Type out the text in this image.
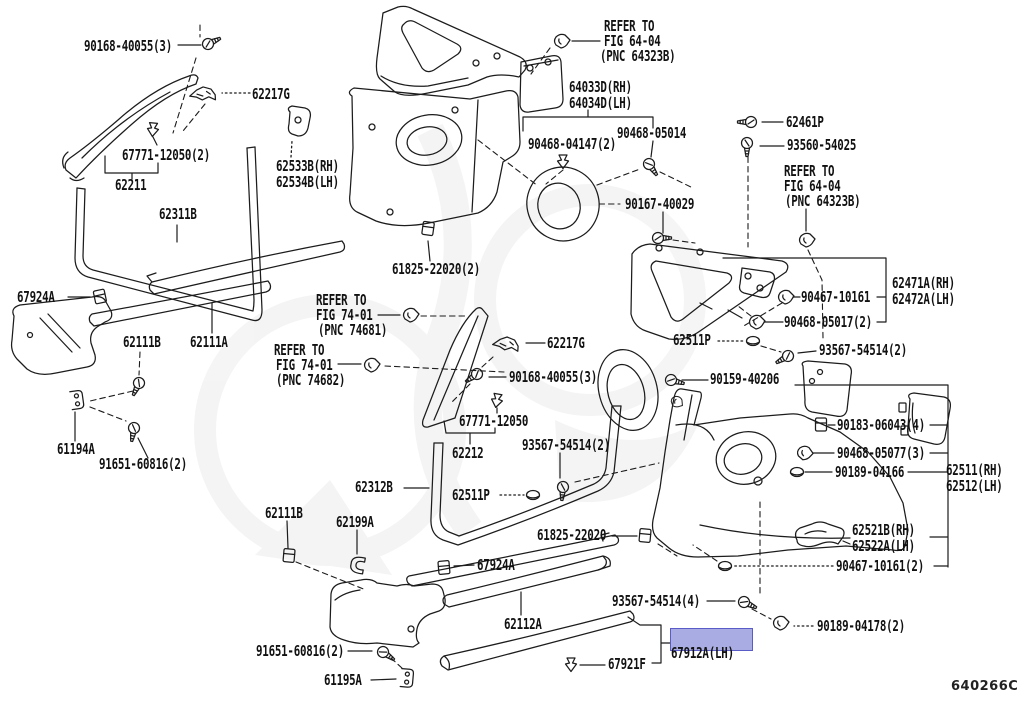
90168-40055(3)
62217G
67771-12050(2)
62211
62311B
62533B(RH)
62534B(LH)
REFER TO
FIG 64-04
(PNC 64323B)
64033D(RH)
64034D(LH)
90468-04147(2)
90468-05014
90167-40029
62461P
93560-54025
REFER TO
FIG 64-04
(PNC 64323B)
67924A
62111B 62111A
61194A
91651-60816(2)
61825-22020(2)
REFER TO
FIG 74-01
(PNC 74681)
REFER TO
FIG 74-01
(PNC 74682)
62217G
90168-40055(3)
67771-12050
62212	93567-54514(2)
62312B	62511P
61825-22020
62511P
62471A(RH)
62472A(LH)
90467-10161
90468-05017(2)
93567-54514(2)
90159-40206
90183-06043(4)
90468-05077(3)
90189-04166	62511(RH)
62512(LH)
62521B(RH)
62522A(LH)
90467-10161(2)
67924A
62111B 62199A
62112A
93567-54514(4)
90189-04178(2)
91651-60816(2)
61195A
67921F
67912A(LH)
640266C
